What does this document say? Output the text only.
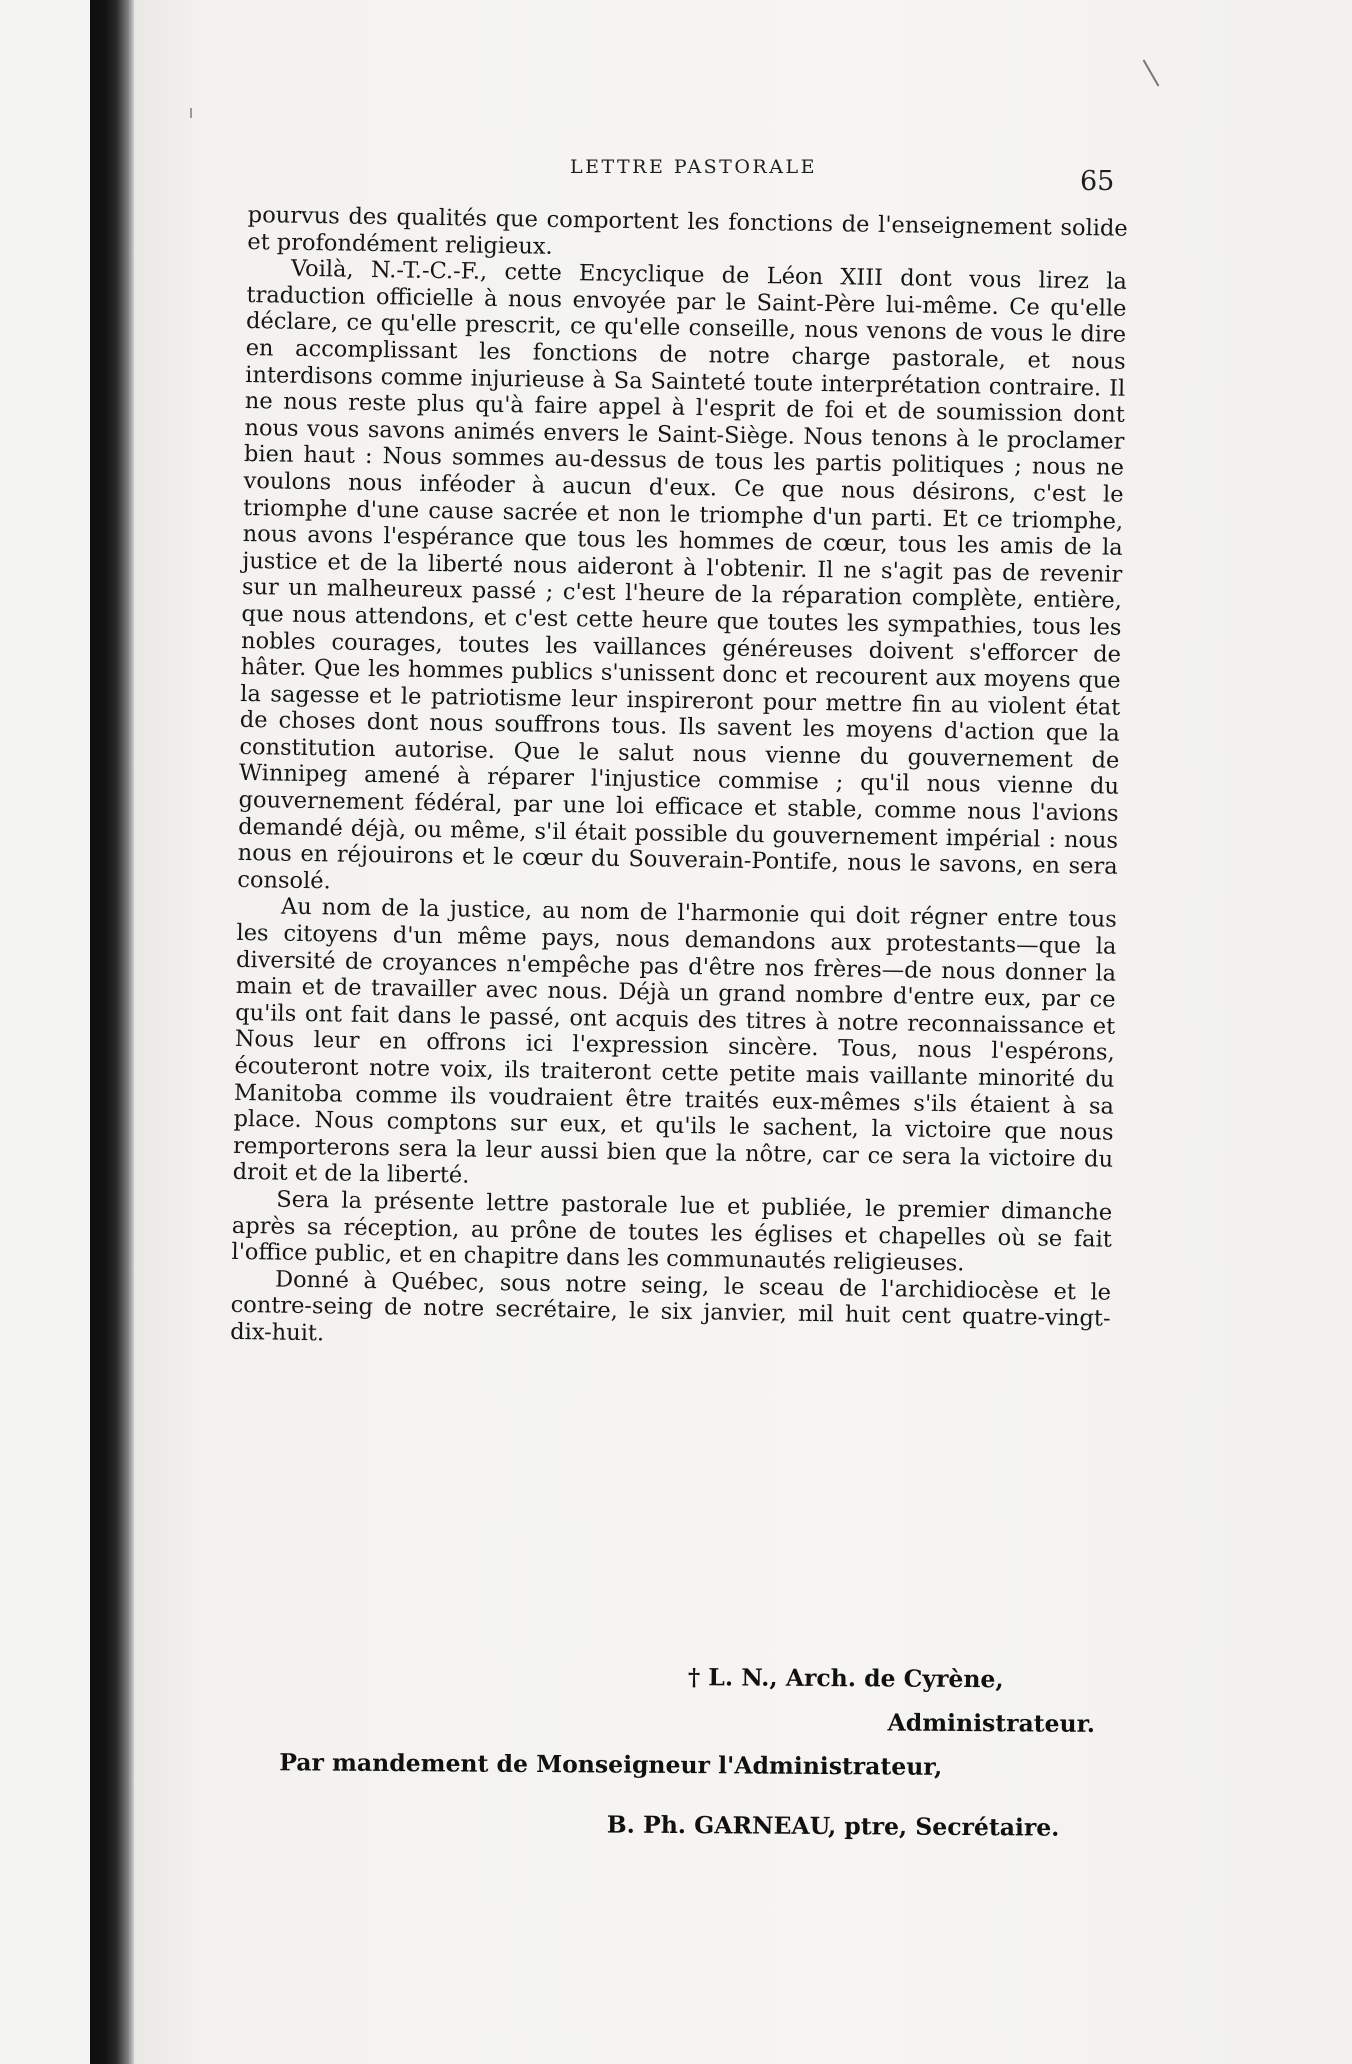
LETTRE PASTORALE	65

pourvus des qualités que comportent les fonctions de l'enseignement solide et profondément religieux.

Voilà, N.-T.-C.-F., cette Encyclique de Léon XIII dont vous lirez la traduction officielle à nous envoyée par le Saint-Père lui-même. Ce qu'elle déclare, ce qu'elle prescrit, ce qu'elle conseille, nous venons de vous le dire en accomplissant les fonctions de notre charge pastorale, et nous interdisons comme injurieuse à Sa Sainteté toute interprétation contraire. Il ne nous reste plus qu'à faire appel à l'esprit de foi et de soumission dont nous vous savons animés envers le Saint-Siège. Nous tenons à le proclamer bien haut : Nous sommes au-dessus de tous les partis politiques ; nous ne voulons nous inféoder à aucun d'eux. Ce que nous désirons, c'est le triomphe d'une cause sacrée et non le triomphe d'un parti. Et ce triomphe, nous avons l'espérance que tous les hommes de cœur, tous les amis de la justice et de la liberté nous aideront à l'obtenir. Il ne s'agit pas de revenir sur un malheureux passé ; c'est l'heure de la réparation complète, entière, que nous attendons, et c'est cette heure que toutes les sympathies, tous les nobles courages, toutes les vaillances généreuses doivent s'efforcer de hâter. Que les hommes publics s'unissent donc et recourent aux moyens que la sagesse et le patriotisme leur inspireront pour mettre fin au violent état de choses dont nous souffrons tous. Ils savent les moyens d'action que la constitution autorise. Que le salut nous vienne du gouvernement de Winnipeg amené à réparer l'injustice commise ; qu'il nous vienne du gouvernement fédéral, par une loi efficace et stable, comme nous l'avions demandé déjà, ou même, s'il était possible du gouvernement impérial : nous nous en réjouirons et le cœur du Souverain-Pontife, nous le savons, en sera consolé.

Au nom de la justice, au nom de l'harmonie qui doit régner entre tous les citoyens d'un même pays, nous demandons aux protestants—que la diversité de croyances n'empêche pas d'être nos frères—de nous donner la main et de travailler avec nous. Déjà un grand nombre d'entre eux, par ce qu'ils ont fait dans le passé, ont acquis des titres à notre reconnaissance et Nous leur en offrons ici l'expression sincère. Tous, nous l'espérons, écouteront notre voix, ils traiteront cette petite mais vaillante minorité du Manitoba comme ils voudraient être traités eux-mêmes s'ils étaient à sa place. Nous comptons sur eux, et qu'ils le sachent, la victoire que nous remporterons sera la leur aussi bien que la nôtre, car ce sera la victoire du droit et de la liberté.

Sera la présente lettre pastorale lue et publiée, le premier dimanche après sa réception, au prône de toutes les églises et chapelles où se fait l'office public, et en chapitre dans les communautés religieuses.

Donné à Québec, sous notre seing, le sceau de l'archidiocèse et le contre-seing de notre secrétaire, le six janvier, mil huit cent quatre-vingt-dix-huit.

† L. N., Arch. de Cyrène,
Administrateur.
Par mandement de Monseigneur l'Administrateur,
B. Ph. GARNEAU, ptre, Secrétaire.
